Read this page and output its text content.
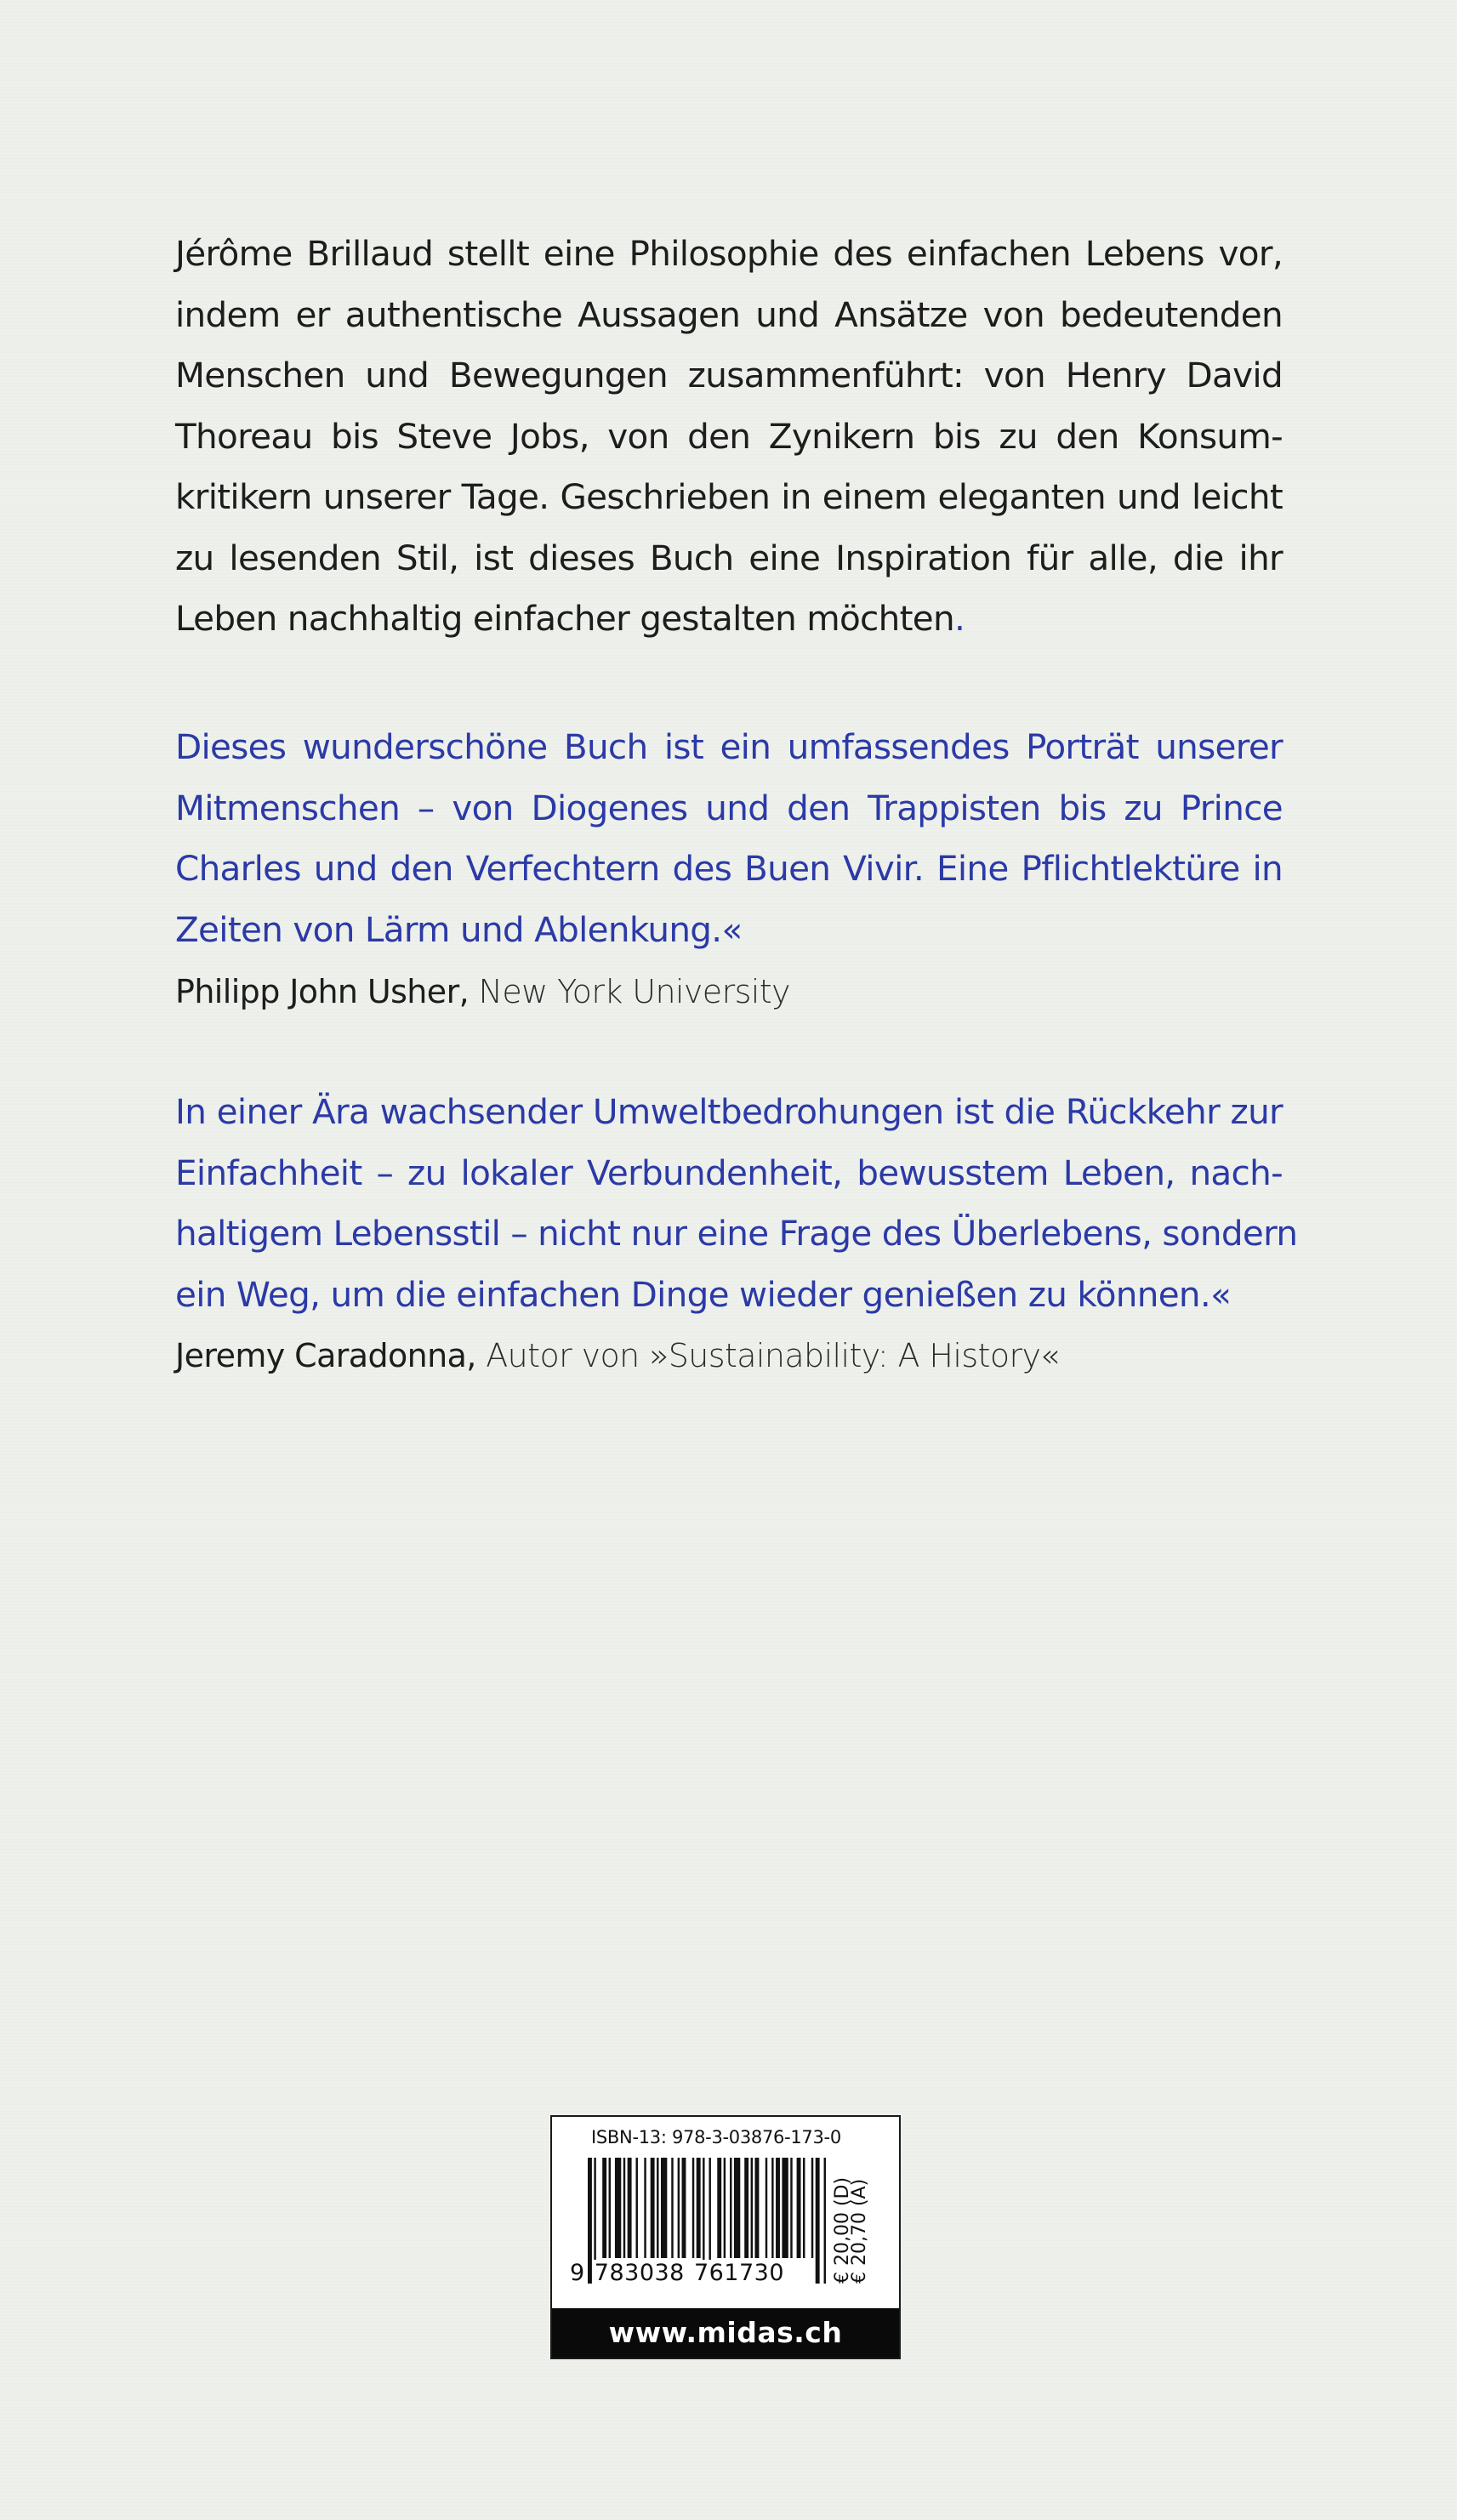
Jérôme Brillaud stellt eine Philosophie des einfachen Lebens vor,
indem er authentische Aussagen und Ansätze von bedeutenden
Menschen und Bewegungen zusammenführt: von Henry David
Thoreau bis Steve Jobs, von den Zynikern bis zu den Konsum-
kritikern unserer Tage. Geschrieben in einem eleganten und leicht
zu lesenden Stil, ist dieses Buch eine Inspiration für alle, die ihr
Leben nachhaltig einfacher gestalten möchten.
Dieses wunderschöne Buch ist ein umfassendes Porträt unserer
Mitmenschen – von Diogenes und den Trappisten bis zu Prince
Charles und den Verfechtern des Buen Vivir. Eine Pflichtlektüre in
Zeiten von Lärm und Ablenkung.«
Philipp John Usher, New York University
In einer Ära wachsender Umweltbedrohungen ist die Rückkehr zur
Einfachheit – zu lokaler Verbundenheit, bewusstem Leben, nach-
haltigem Lebensstil – nicht nur eine Frage des Überlebens, sondern
ein Weg, um die einfachen Dinge wieder genießen zu können.«
Jeremy Caradonna, Autor von »Sustainability: A History«
ISBN-13: 978-3-03876-173-0
9 783038 761730	€ 20,00 (D)
€ 20,70 (A)
www.midas.ch
